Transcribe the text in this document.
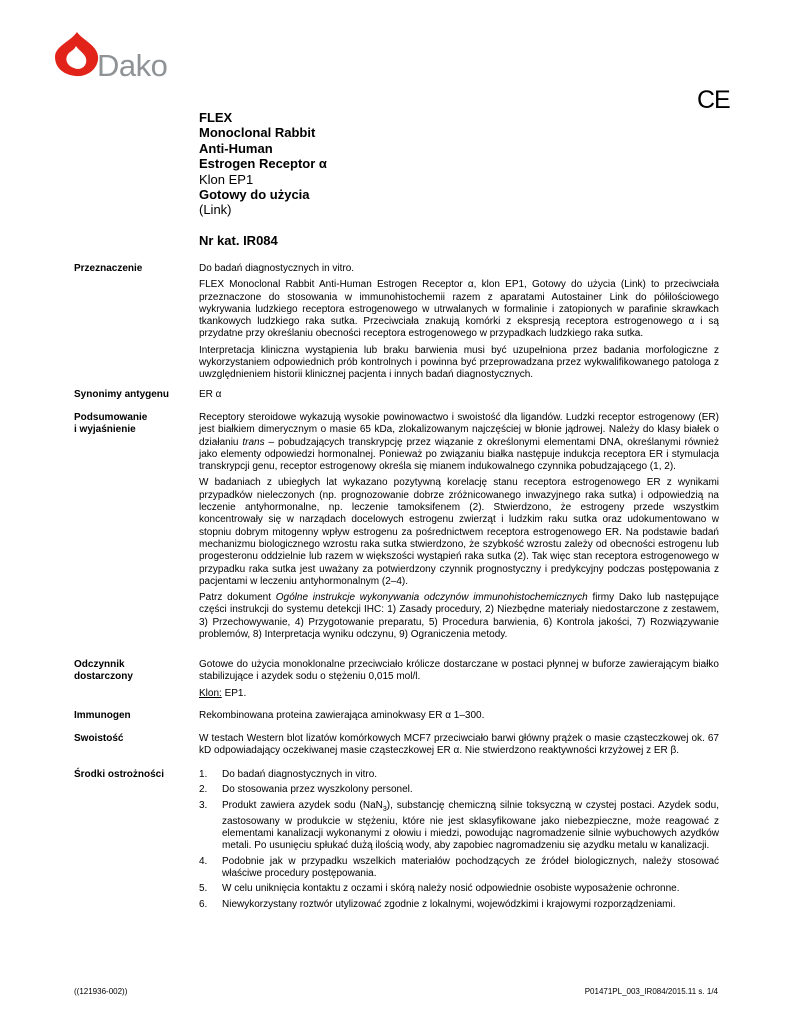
Dako
CE
FLEX
Monoclonal Rabbit
Anti-Human
Estrogen Receptor α
Klon EP1
Gotowy do użycia
(Link)
Nr kat. IR084
Przeznaczenie	Do badań diagnostycznych in vitro.

FLEX Monoclonal Rabbit Anti-Human Estrogen Receptor α, klon EP1, Gotowy do użycia (Link) to przeciwciała przeznaczone do stosowania w immunohistochemii razem z aparatami Autostainer Link do półilościowego wykrywania ludzkiego receptora estrogenowego w utrwalanych w formalinie i zatopionych w parafinie skrawkach tkankowych ludzkiego raka sutka. Przeciwciała znakują komórki z ekspresją receptora estrogenowego α i są przydatne przy określaniu obecności receptora estrogenowego w przypadkach ludzkiego raka sutka.

Interpretacja kliniczna wystąpienia lub braku barwienia musi być uzupełniona przez badania morfologiczne z wykorzystaniem odpowiednich prób kontrolnych i powinna być przeprowadzana przez wykwalifikowanego patologa z uwzględnieniem historii klinicznej pacjenta i innych badań diagnostycznych.

Synonimy antygenu	ER α
Podsumowanie
i wyjaśnienie

Receptory steroidowe wykazują wysokie powinowactwo i swoistość dla ligandów. Ludzki receptor estrogenowy (ER) jest białkiem dimerycznym o masie 65 kDa, zlokalizowanym najczęściej w błonie jądrowej. Należy do klasy białek o działaniu trans – pobudzających transkrypcję przez wiązanie z określonymi elementami DNA, określanymi również jako elementy odpowiedzi hormonalnej. Ponieważ po związaniu białka następuje indukcja receptora ER i stymulacja transkrypcji genu, receptor estrogenowy określa się mianem indukowalnego czynnika pobudzającego (1, 2).

W badaniach z ubiegłych lat wykazano pozytywną korelację stanu receptora estrogenowego ER z wynikami przypadków nieleczonych (np. prognozowanie dobrze zróżnicowanego inwazyjnego raka sutka) i odpowiedzią na leczenie antyhormonalne, np. leczenie tamoksifenem (2). Stwierdzono, że estrogeny przede wszystkim koncentrowały się w narządach docelowych estrogenu zwierząt i ludzkim raku sutka oraz udokumentowano w stopniu dobrym mitogenny wpływ estrogenu za pośrednictwem receptora estrogenowego ER. Na podstawie badań mechanizmu biologicznego wzrostu raka sutka stwierdzono, że szybkość wzrostu zależy od obecności estrogenu lub progesteronu oddzielnie lub razem w większości wystąpień raka sutka (2). Tak więc stan receptora estrogenowego w przypadku raka sutka jest uważany za potwierdzony czynnik prognostyczny i predykcyjny podczas postępowania z pacjentami w leczeniu antyhormonalnym (2–4).

Patrz dokument Ogólne instrukcje wykonywania odczynów immunohistochemicznych firmy Dako lub następujące części instrukcji do systemu detekcji IHC: 1) Zasady procedury, 2) Niezbędne materiały niedostarczone z zestawem, 3) Przechowywanie, 4) Przygotowanie preparatu, 5) Procedura barwienia, 6) Kontrola jakości, 7) Rozwiązywanie problemów, 8) Interpretacja wyniku odczynu, 9) Ograniczenia metody.

Odczynnik
dostarczony

Gotowe do użycia monoklonalne przeciwciało królicze dostarczane w postaci płynnej w buforze zawierającym białko stabilizujące i azydek sodu o stężeniu 0,015 mol/l.

Klon: EP1.

Immunogen	Rekombinowana proteina zawierająca aminokwasy ER α 1–300.
Swoistość	W testach Western blot lizatów komórkowych MCF7 przeciwciało barwi główny prążek o masie cząsteczkowej ok. 67 kD odpowiadający oczekiwanej masie cząsteczkowej ER α. Nie stwierdzono reaktywności krzyżowej z ER β.
Środki ostrożności	1. Do badań diagnostycznych in vitro.
2. Do stosowania przez wyszkolony personel.
3. Produkt zawiera azydek sodu (NaN$_3$), substancję chemiczną silnie toksyczną w czystej postaci. Azydek sodu, zastosowany w produkcie w stężeniu, które nie jest sklasyfikowane jako niebezpieczne, może reagować z elementami kanalizacji wykonanymi z ołowiu i miedzi, powodując nagromadzenie silnie wybuchowych azydków metali. Po usunięciu spłukać dużą ilością wody, aby zapobiec nagromadzeniu się azydku metalu w kanalizacji.
4. Podobnie jak w przypadku wszelkich materiałów pochodzących ze źródeł biologicznych, należy stosować właściwe procedury postępowania.
5. W celu uniknięcia kontaktu z oczami i skórą należy nosić odpowiednie osobiste wyposażenie ochronne.
6. Niewykorzystany roztwór utylizować zgodnie z lokalnymi, wojewódzkimi i krajowymi rozporządzeniami.
((121936-002))	P01471PL_003_IR084/2015.11 s. 1/4
